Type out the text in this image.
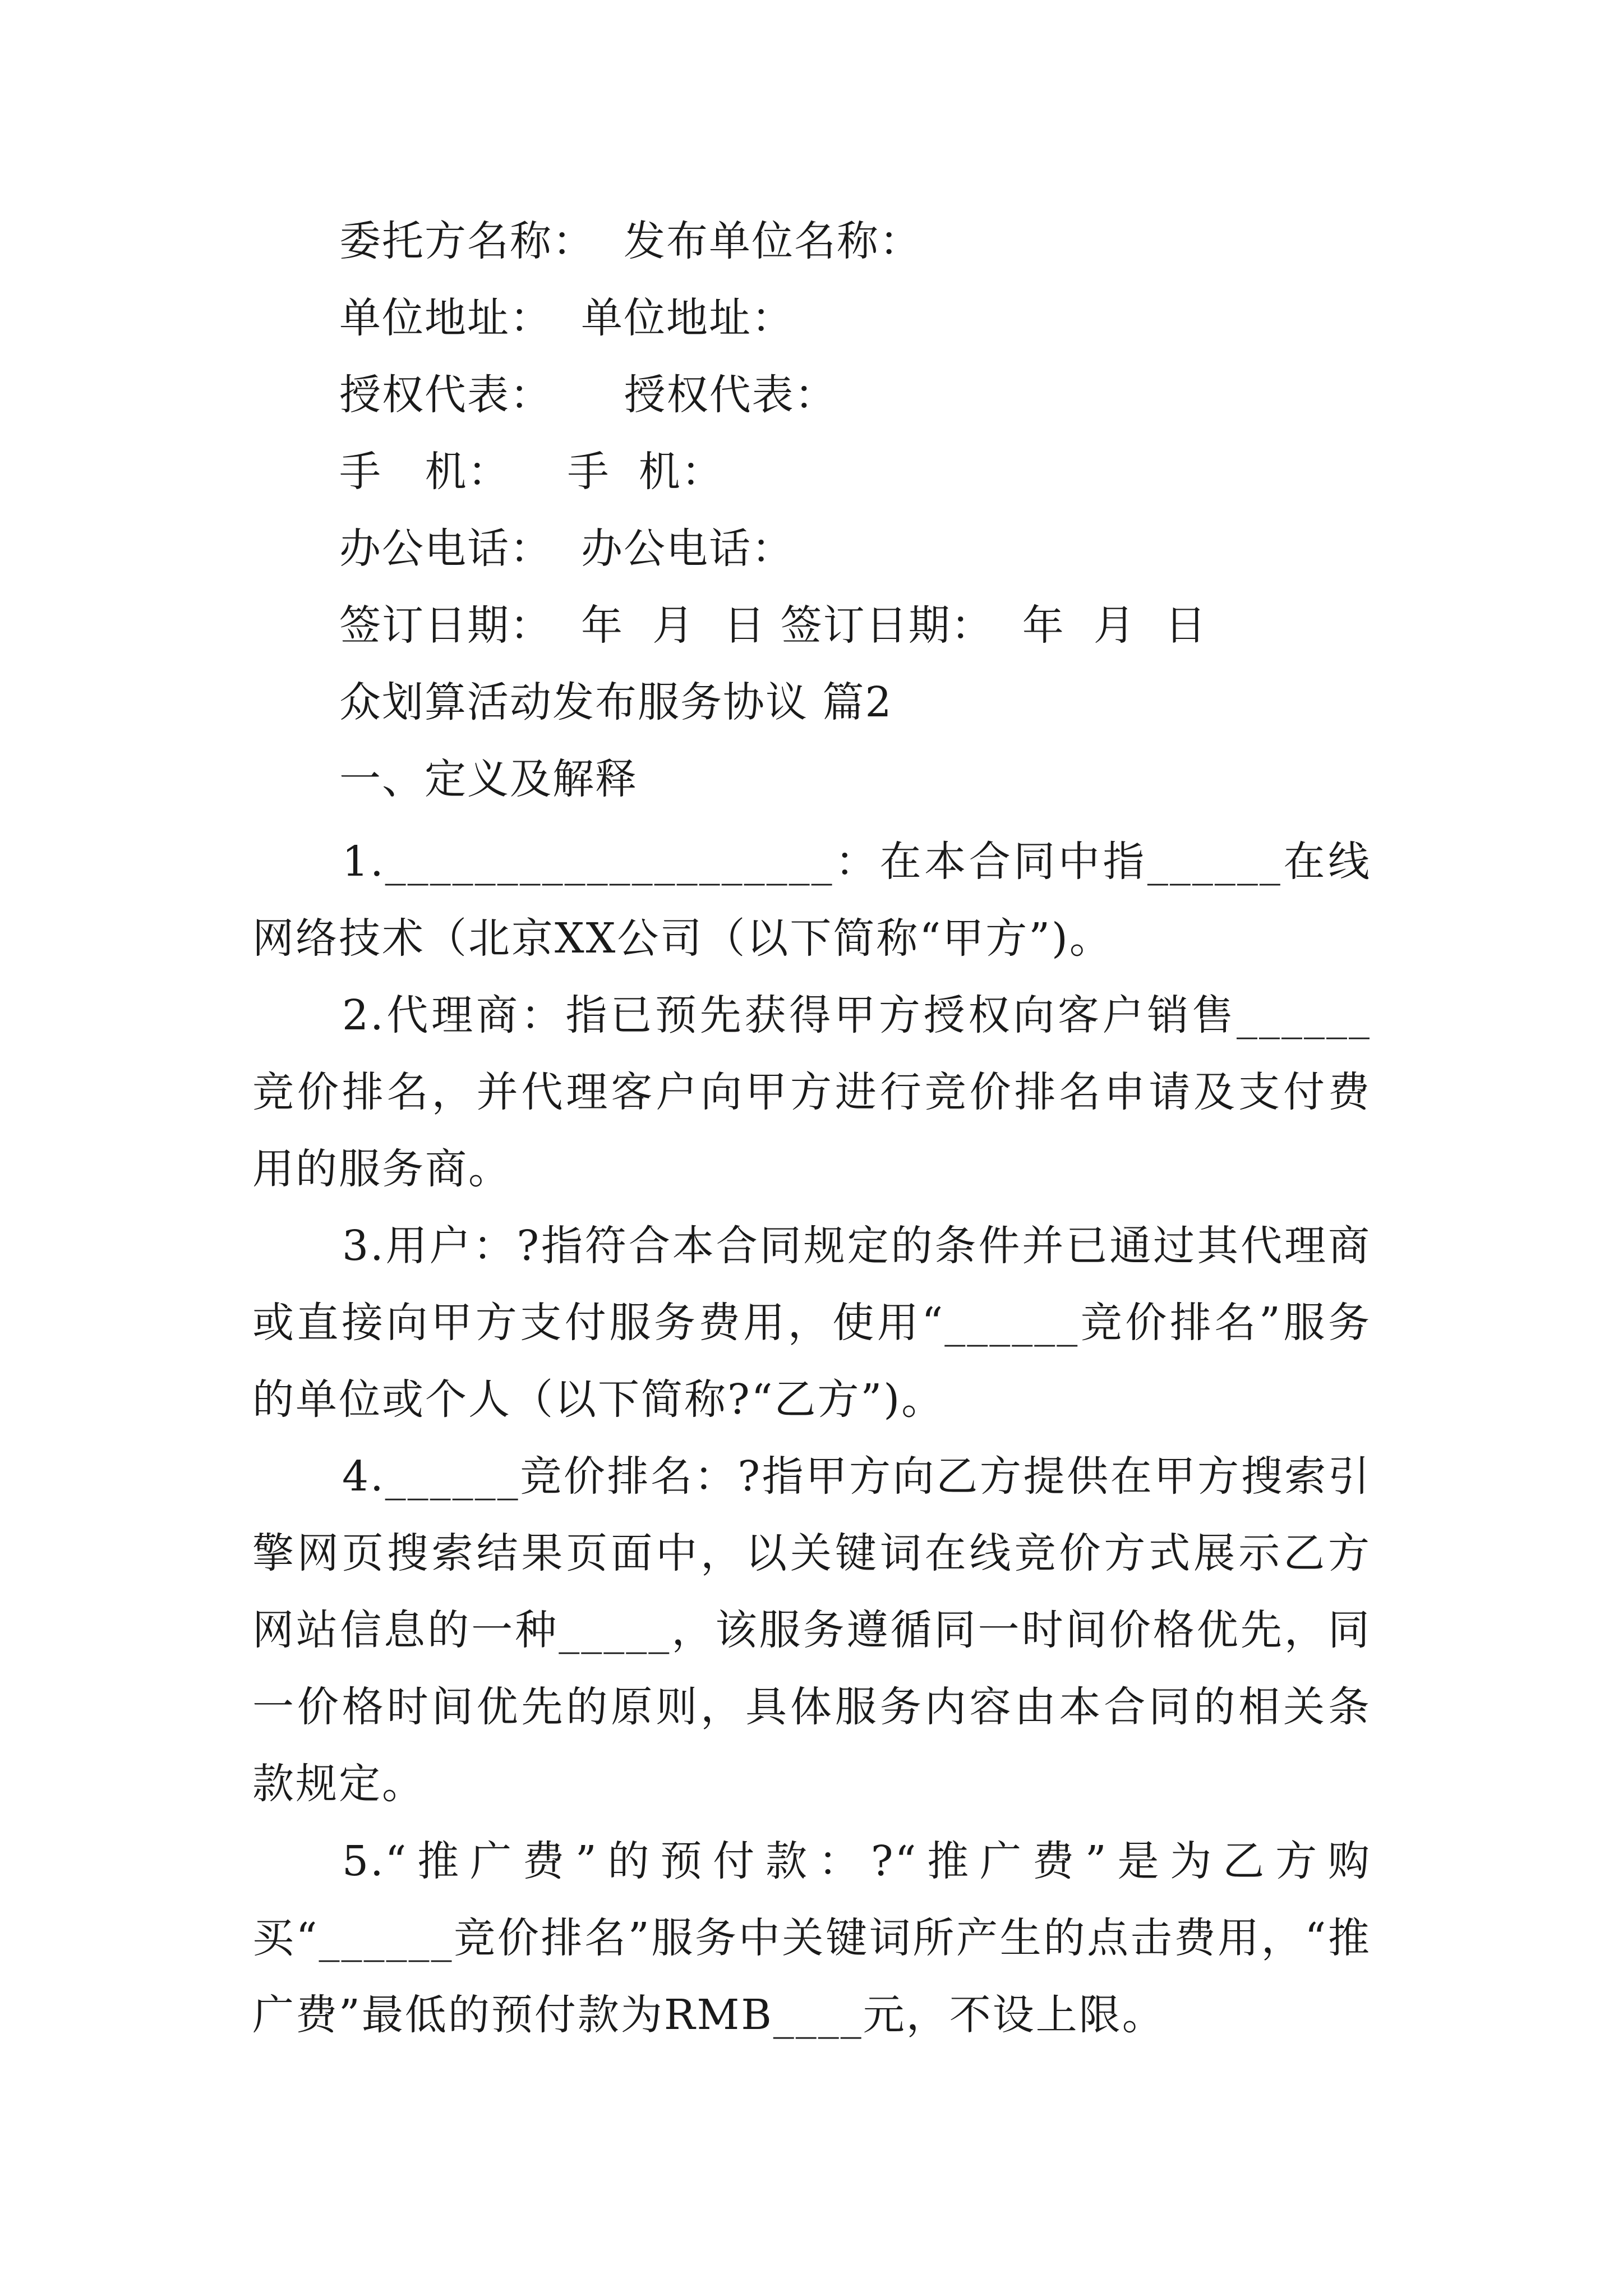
委托方名称：  发布单位名称：
单位地址：  单位地址：
授权代表：     授权代表：
手   机：    手  机：
办公电话：  办公电话：
签订日期：  年  月  日 签订日期：  年  月  日
众划算活动发布服务协议 篇2
一、定义及解释
1.____________________：在本合同中指______在线网络技术（北京XX公司（以下简称“甲方”)。
2.代理商：指已预先获得甲方授权向客户销售______竞价排名，并代理客户向甲方进行竞价排名申请及支付费用的服务商。
3.用户：?指符合本合同规定的条件并已通过其代理商或直接向甲方支付服务费用，使用“______竞价排名”服务的单位或个人（以下简称?“乙方”)。
4.______竞价排名：?指甲方向乙方提供在甲方搜索引擎网页搜索结果页面中，以关键词在线竞价方式展示乙方网站信息的一种_____，该服务遵循同一时间价格优先，同一价格时间优先的原则，具体服务内容由本合同的相关条款规定。
5.“推广费”的预付款：?“推广费”是为乙方购买“______竞价排名”服务中关键词所产生的点击费用，“推广费”最低的预付款为RMB____元，不设上限。
